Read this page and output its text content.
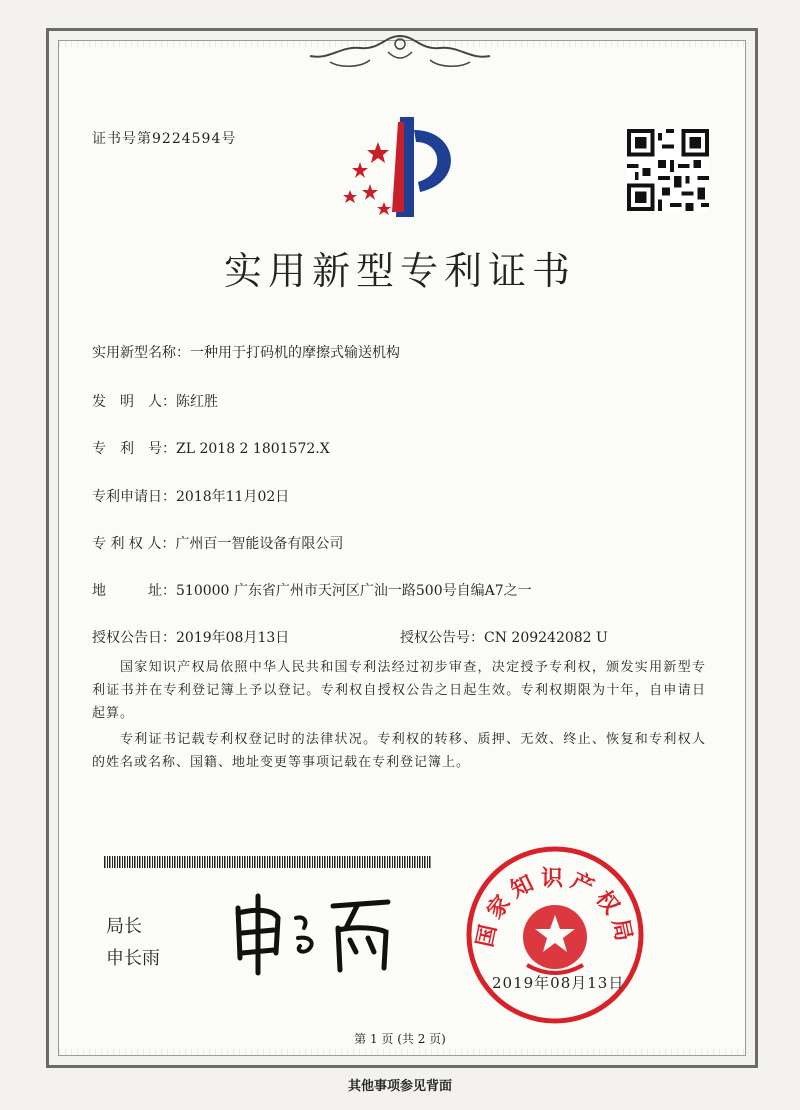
证书号第9224594号
实用新型专利证书
实用新型名称：一种用于打码机的摩擦式输送机构
发　明　人：陈红胜
专　利　号：ZL 2018 2 1801572.X
专利申请日：2018年11月02日
专 利 权 人：广州百一智能设备有限公司
地　　　址：510000 广东省广州市天河区广汕一路500号自编A7之一
授权公告日：2019年08月13日	授权公告号：CN 209242082 U
国家知识产权局依照中华人民共和国专利法经过初步审查，决定授予专利权，颁发实用新型专利证书并在专利登记簿上予以登记。专利权自授权公告之日起生效。专利权期限为十年，自申请日起算。
专利证书记载专利权登记时的法律状况。专利权的转移、质押、无效、终止、恢复和专利权人的姓名或名称、国籍、地址变更等事项记载在专利登记簿上。
局长
申长雨
国家知识产权局
2019年08月13日
第 1 页 (共 2 页)
其他事项参见背面
